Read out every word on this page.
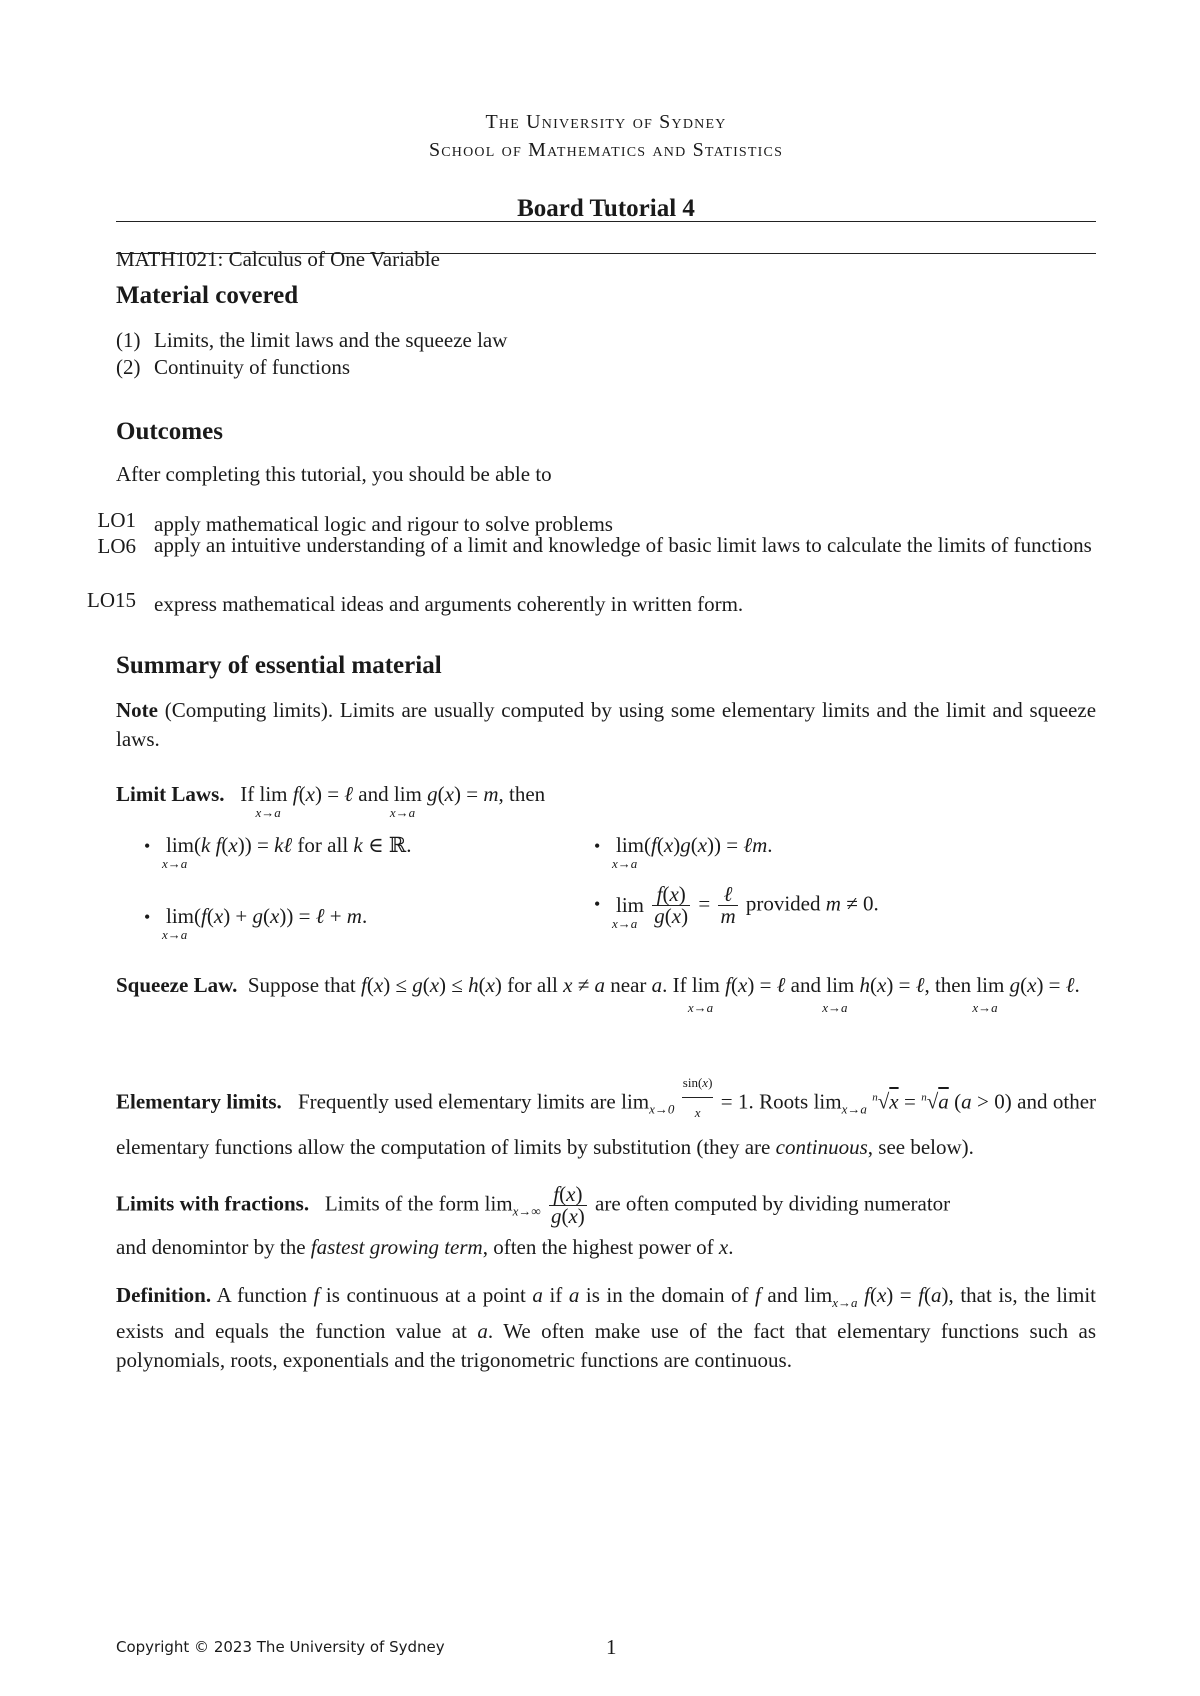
The University of Sydney
School of Mathematics and Statistics
Board Tutorial 4
MATH1021: Calculus of One Variable
Material covered
(1) Limits, the limit laws and the squeeze law
(2) Continuity of functions
Outcomes
After completing this tutorial, you should be able to
LO1 apply mathematical logic and rigour to solve problems
LO6 apply an intuitive understanding of a limit and knowledge of basic limit laws to calculate the limits of functions
LO15 express mathematical ideas and arguments coherently in written form.
Summary of essential material
Note (Computing limits). Limits are usually computed by using some elementary limits and the limit and squeeze laws.
Limit Laws.   If lim
x→a
f(x) = ℓ and lim
x→a
g(x) = m, then
• lim
x→a
(k f(x)) = kℓ for all k ∈ ℝ.	• lim
x→a
(f(x)g(x)) = ℓm.
• lim
x→a
(f(x) + g(x)) = ℓ + m.	• lim
x→a
$\frac{f(x)}{g(x)} = \frac{\text{ℓ}}{m}$ provided m ≠ 0.
Squeeze Law.  Suppose that f(x) ≤ g(x) ≤ h(x) for all x ≠ a near a. If lim
x→a
f(x) = ℓ and lim
x→a
h(x) = ℓ, then lim
x→a
g(x) = ℓ.
Elementary limits.   Frequently used elementary limits are $\lim_{x\to 0} \frac{\sin(x)}{x} = 1$. Roots $\lim_{x\to a} ^n√x = ^n√a$ (a > 0) and other elementary functions allow the computation of limits by substitution (they are continuous, see below).
Limits with fractions.   Limits of the form $\lim_{x\to\infty} \frac{f(x)}{g(x)}$ are often computed by dividing numerator
and denomintor by the fastest growing term, often the highest power of x.
Definition. A function f is continuous at a point a if a is in the domain of f and $\lim_{x\to a} f(x) = f(a)$, that is, the limit exists and equals the function value at a. We often make use of the fact that elementary functions such as polynomials, roots, exponentials and the trigonometric functions are continuous.
Copyright © 2023 The University of Sydney	1
